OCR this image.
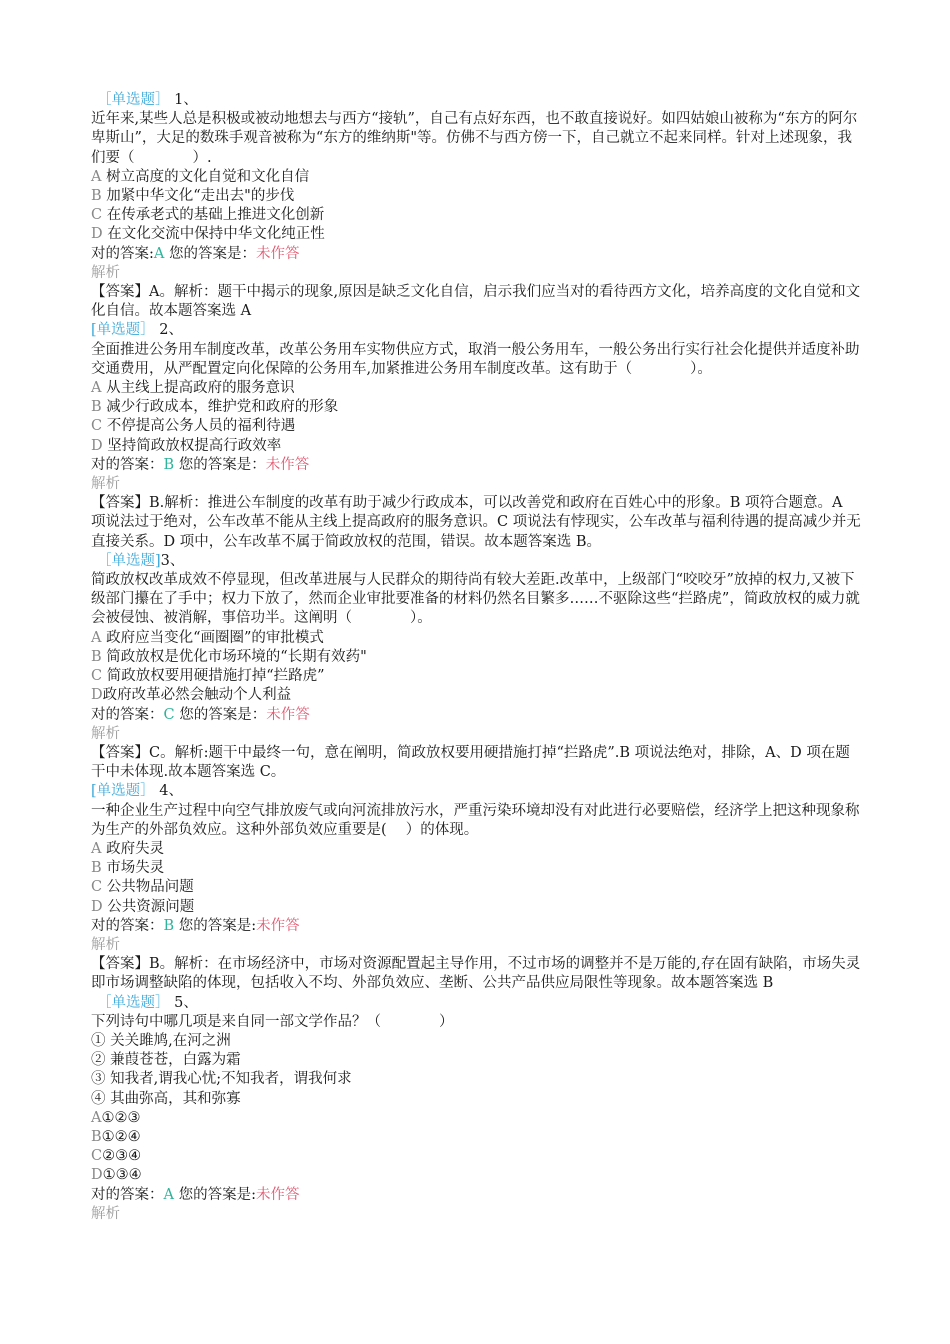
［单选题］ 1、
近年来,某些人总是积极或被动地想去与西方“接轨”，自己有点好东西，也不敢直接说好。如四姑娘山被称为“东方的阿尔卑斯山”，大足的数珠手观音被称为“东方的维纳斯"等。仿佛不与西方傍一下，自己就立不起来同样。针对上述现象，我们要（　　　　）.
A 树立高度的文化自觉和文化自信
B 加紧中华文化“走出去"的步伐
C 在传承老式的基础上推进文化创新
D 在文化交流中保持中华文化纯正性
对的答案:A 您的答案是：未作答
解析
【答案】A。解析：题干中揭示的现象,原因是缺乏文化自信，启示我们应当对的看待西方文化，培养高度的文化自觉和文化自信。故本题答案选 A
[单选题］ 2、
全面推进公务用车制度改革，改革公务用车实物供应方式，取消一般公务用车，一般公务出行实行社会化提供并适度补助交通费用，从严配置定向化保障的公务用车,加紧推进公务用车制度改革。这有助于（　　　　）。
A 从主线上提高政府的服务意识
B 减少行政成本，维护党和政府的形象
C 不停提高公务人员的福利待遇
D 坚持简政放权提高行政效率
对的答案：B 您的答案是：未作答
解析
【答案】B.解析：推进公车制度的改革有助于减少行政成本，可以改善党和政府在百姓心中的形象。B 项符合题意。A 项说法过于绝对，公车改革不能从主线上提高政府的服务意识。C 项说法有悖现实，公车改革与福利待遇的提高减少并无直接关系。D 项中，公车改革不属于简政放权的范围，错误。故本题答案选 B。
［单选题]3、
简政放权改革成效不停显现，但改革进展与人民群众的期待尚有较大差距.改革中，上级部门“咬咬牙”放掉的权力,又被下级部门攥在了手中；权力下放了，然而企业审批要准备的材料仍然名目繁多……不驱除这些“拦路虎”，简政放权的威力就会被侵蚀、被消解，事倍功半。这阐明（　　　　）。
A 政府应当变化“画圈圈”的审批模式
B 简政放权是优化市场环境的“长期有效药"
C 简政放权要用硬措施打掉“拦路虎”
D政府改革必然会触动个人利益
对的答案：C 您的答案是：未作答
解析
【答案】C。解析:题干中最终一句，意在阐明，简政放权要用硬措施打掉“拦路虎”.B 项说法绝对，排除，A、D 项在题干中未体现.故本题答案选 C。
[单选题］ 4、
一种企业生产过程中向空气排放废气或向河流排放污水，严重污染环境却没有对此进行必要赔偿，经济学上把这种现象称为生产的外部负效应。这种外部负效应重要是(　 ）的体现。
A 政府失灵
B 市场失灵
C 公共物品问题
D 公共资源问题
对的答案：B 您的答案是:未作答
解析
【答案】B。解析：在市场经济中，市场对资源配置起主导作用，不过市场的调整并不是万能的,存在固有缺陷，市场失灵即市场调整缺陷的体现，包括收入不均、外部负效应、垄断、公共产品供应局限性等现象。故本题答案选 B
［单选题］ 5、
下列诗句中哪几项是来自同一部文学作品？（　　　　）
① 关关雎鸠,在河之洲
② 兼葭苍苍，白露为霜
③ 知我者,谓我心忧;不知我者，谓我何求
④ 其曲弥高，其和弥寡
A①②③
B①②④
C②③④
D①③④
对的答案：A 您的答案是:未作答
解析
